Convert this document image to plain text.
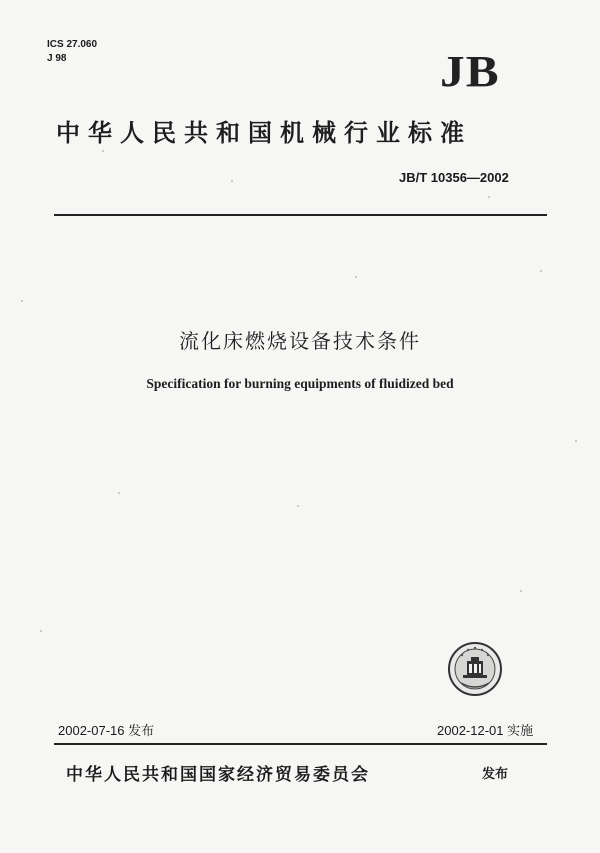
ICS 27.060
J 98	JB
中华人民共和国机械行业标准
JB/T 10356—2002
流化床燃烧设备技术条件
Specification for burning equipments of fluidized bed
2002-07-16 发布	2002-12-01 实施
中华人民共和国国家经济贸易委员会	发布
